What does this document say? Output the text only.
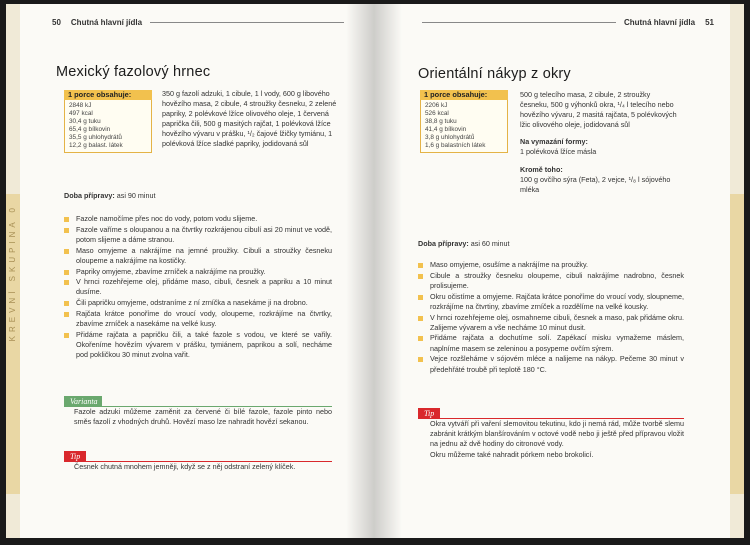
KREVNÍ SKUPINA 0
50 Chutná hlavní jídla
Mexický fazolový hrnec
1 porce obsahuje:
2848 kJ
497 kcal
30,4 g tuku
65,4 g bílkovin
35,5 g uhlohydrátů
12,2 g balast. látek
350 g fazolí adzuki, 1 cibule, 1 l vody, 600 g libového hovězího masa, 2 cibule, 4 stroužky česneku, 2 zelené papriky, 2 polévkové lžíce olivového oleje, 1 červená paprička čili, 500 g masitých rajčat, 1 polévková lžíce hovězího vývaru v prášku, ¹/₂ čajové lžičky tymiánu, 1 polévková lžíce sladké papriky, jodidovaná sůl
Doba přípravy: asi 90 minut
Fazole namočíme přes noc do vody, potom vodu slijeme.
Fazole vaříme s oloupanou a na čtvrtky rozkrájenou cibulí asi 20 minut ve vodě, potom slijeme a dáme stranou.
Maso omyjeme a nakrájíme na jemné proužky. Cibuli a stroužky česneku oloupeme a nakrájíme na kostičky.
Papriky omyjeme, zbavíme zrníček a nakrájíme na proužky.
V hrnci rozehřejeme olej, přidáme maso, cibuli, česnek a papriku a 10 minut dusíme.
Čili papričku omyjeme, odstraníme z ní zrníčka a nasekáme ji na drobno.
Rajčata krátce ponoříme do vroucí vody, oloupeme, rozkrájíme na čtvrtky, zbavíme zrníček a nasekáme na velké kusy.
Přidáme rajčata a papričku čili, a také fazole s vodou, ve které se vařily. Okořeníme hovězím vývarem v prášku, tymiánem, paprikou a solí, necháme pod pokličkou 30 minut zvolna vařit.
Varianta
Fazole adzuki můžeme zaměnit za červené či bílé fazole, fazole pinto nebo směs fazolí z vhodných druhů. Hovězí maso lze nahradit hovězí sekanou.
Tip
Česnek chutná mnohem jemněji, když se z něj odstraní zelený klíček.
Chutná hlavní jídla 51
Orientální nákyp z okry
1 porce obsahuje:
2206 kJ
526 kcal
38,8 g tuku
41,4 g bílkovin
3,8 g uhlohydrátů
1,6 g balastních látek
500 g telecího masa, 2 cibule, 2 stroužky česneku, 500 g výhonků okra, ¹/₄ l telecího nebo hovězího vývaru, 2 masitá rajčata, 5 polévkových lžic olivového oleje, jodidovaná sůl
Na vymazání formy:
1 polévková lžíce másla
Kromě toho:
100 g ovčího sýra (Feta), 2 vejce, ¹/₈ l sójového mléka
Doba přípravy: asi 60 minut
Maso omyjeme, osušíme a nakrájíme na proužky.
Cibule a stroužky česneku oloupeme, cibuli nakrájíme nadrobno, česnek prolisujeme.
Okru očistíme a omyjeme. Rajčata krátce ponoříme do vroucí vody, sloupneme, rozkrájíme na čtvrtiny, zbavíme zrníček a rozdělíme na velké kousky.
V hrnci rozehřejeme olej, osmahneme cibuli, česnek a maso, pak přidáme okru. Zalijeme vývarem a vše necháme 10 minut dusit.
Přidáme rajčata a dochutíme solí. Zapékací misku vymažeme máslem, naplníme masem se zeleninou a posypeme ovčím sýrem.
Vejce rozšleháme v sójovém mléce a nalijeme na nákyp. Pečeme 30 minut v předehřáté troubě při teplotě 180 °C.
Tip
Okra vytváří při vaření slemovitou tekutinu, kdo ji nemá rád, může tvorbě slemu zabránit krátkým blanšírováním v octové vodě nebo ji ještě před přípravou vložit na jednu až dvě hodiny do citronové vody.
Okru můžeme také nahradit pórkem nebo brokolicí.
